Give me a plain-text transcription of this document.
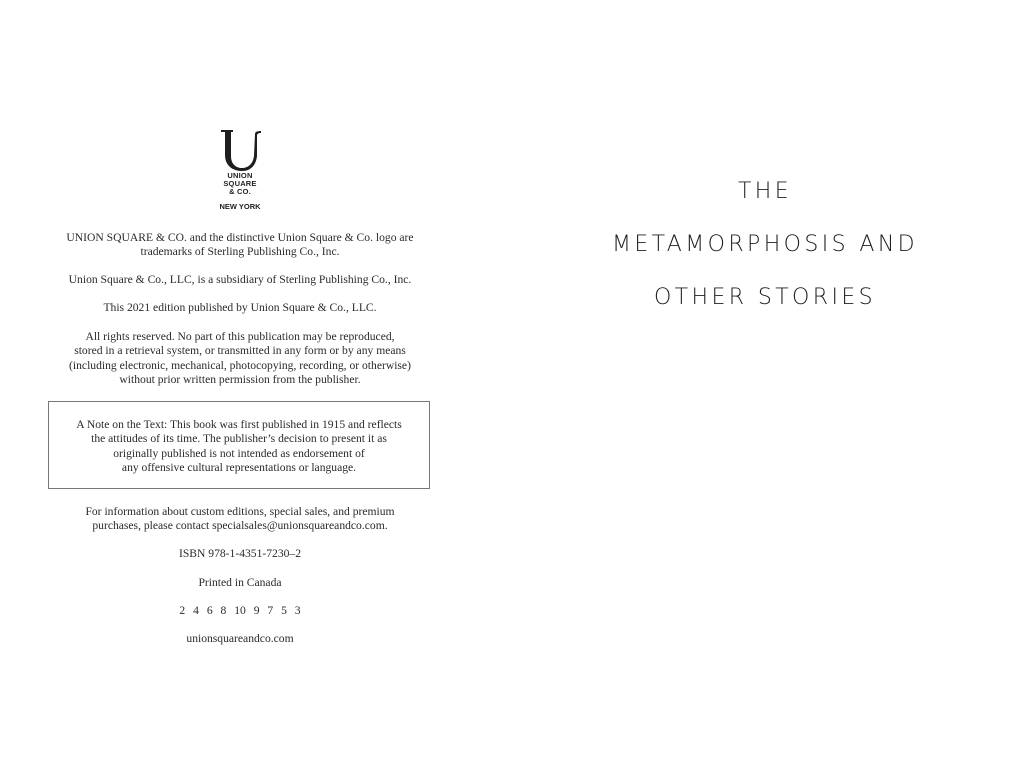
UNION
SQUARE
& CO.
NEW YORK
UNION SQUARE & CO. and the distinctive Union Square & Co. logo are
trademarks of Sterling Publishing Co., Inc.
Union Square & Co., LLC, is a subsidiary of Sterling Publishing Co., Inc.
This 2021 edition published by Union Square & Co., LLC.
All rights reserved. No part of this publication may be reproduced,
stored in a retrieval system, or transmitted in any form or by any means
(including electronic, mechanical, photocopying, recording, or otherwise)
without prior written permission from the publisher.
A Note on the Text: This book was first published in 1915 and reflects
the attitudes of its time. The publisher’s decision to present it as
originally published is not intended as endorsement of
any offensive cultural representations or language.
For information about custom editions, special sales, and premium
purchases, please contact specialsales@unionsquareandco.com.
ISBN 978-1-4351-7230–2
Printed in Canada
2 4 6 8 10 9 7 5 3
unionsquareandco.com
THE
METAMORPHOSIS AND
OTHER STORIES
